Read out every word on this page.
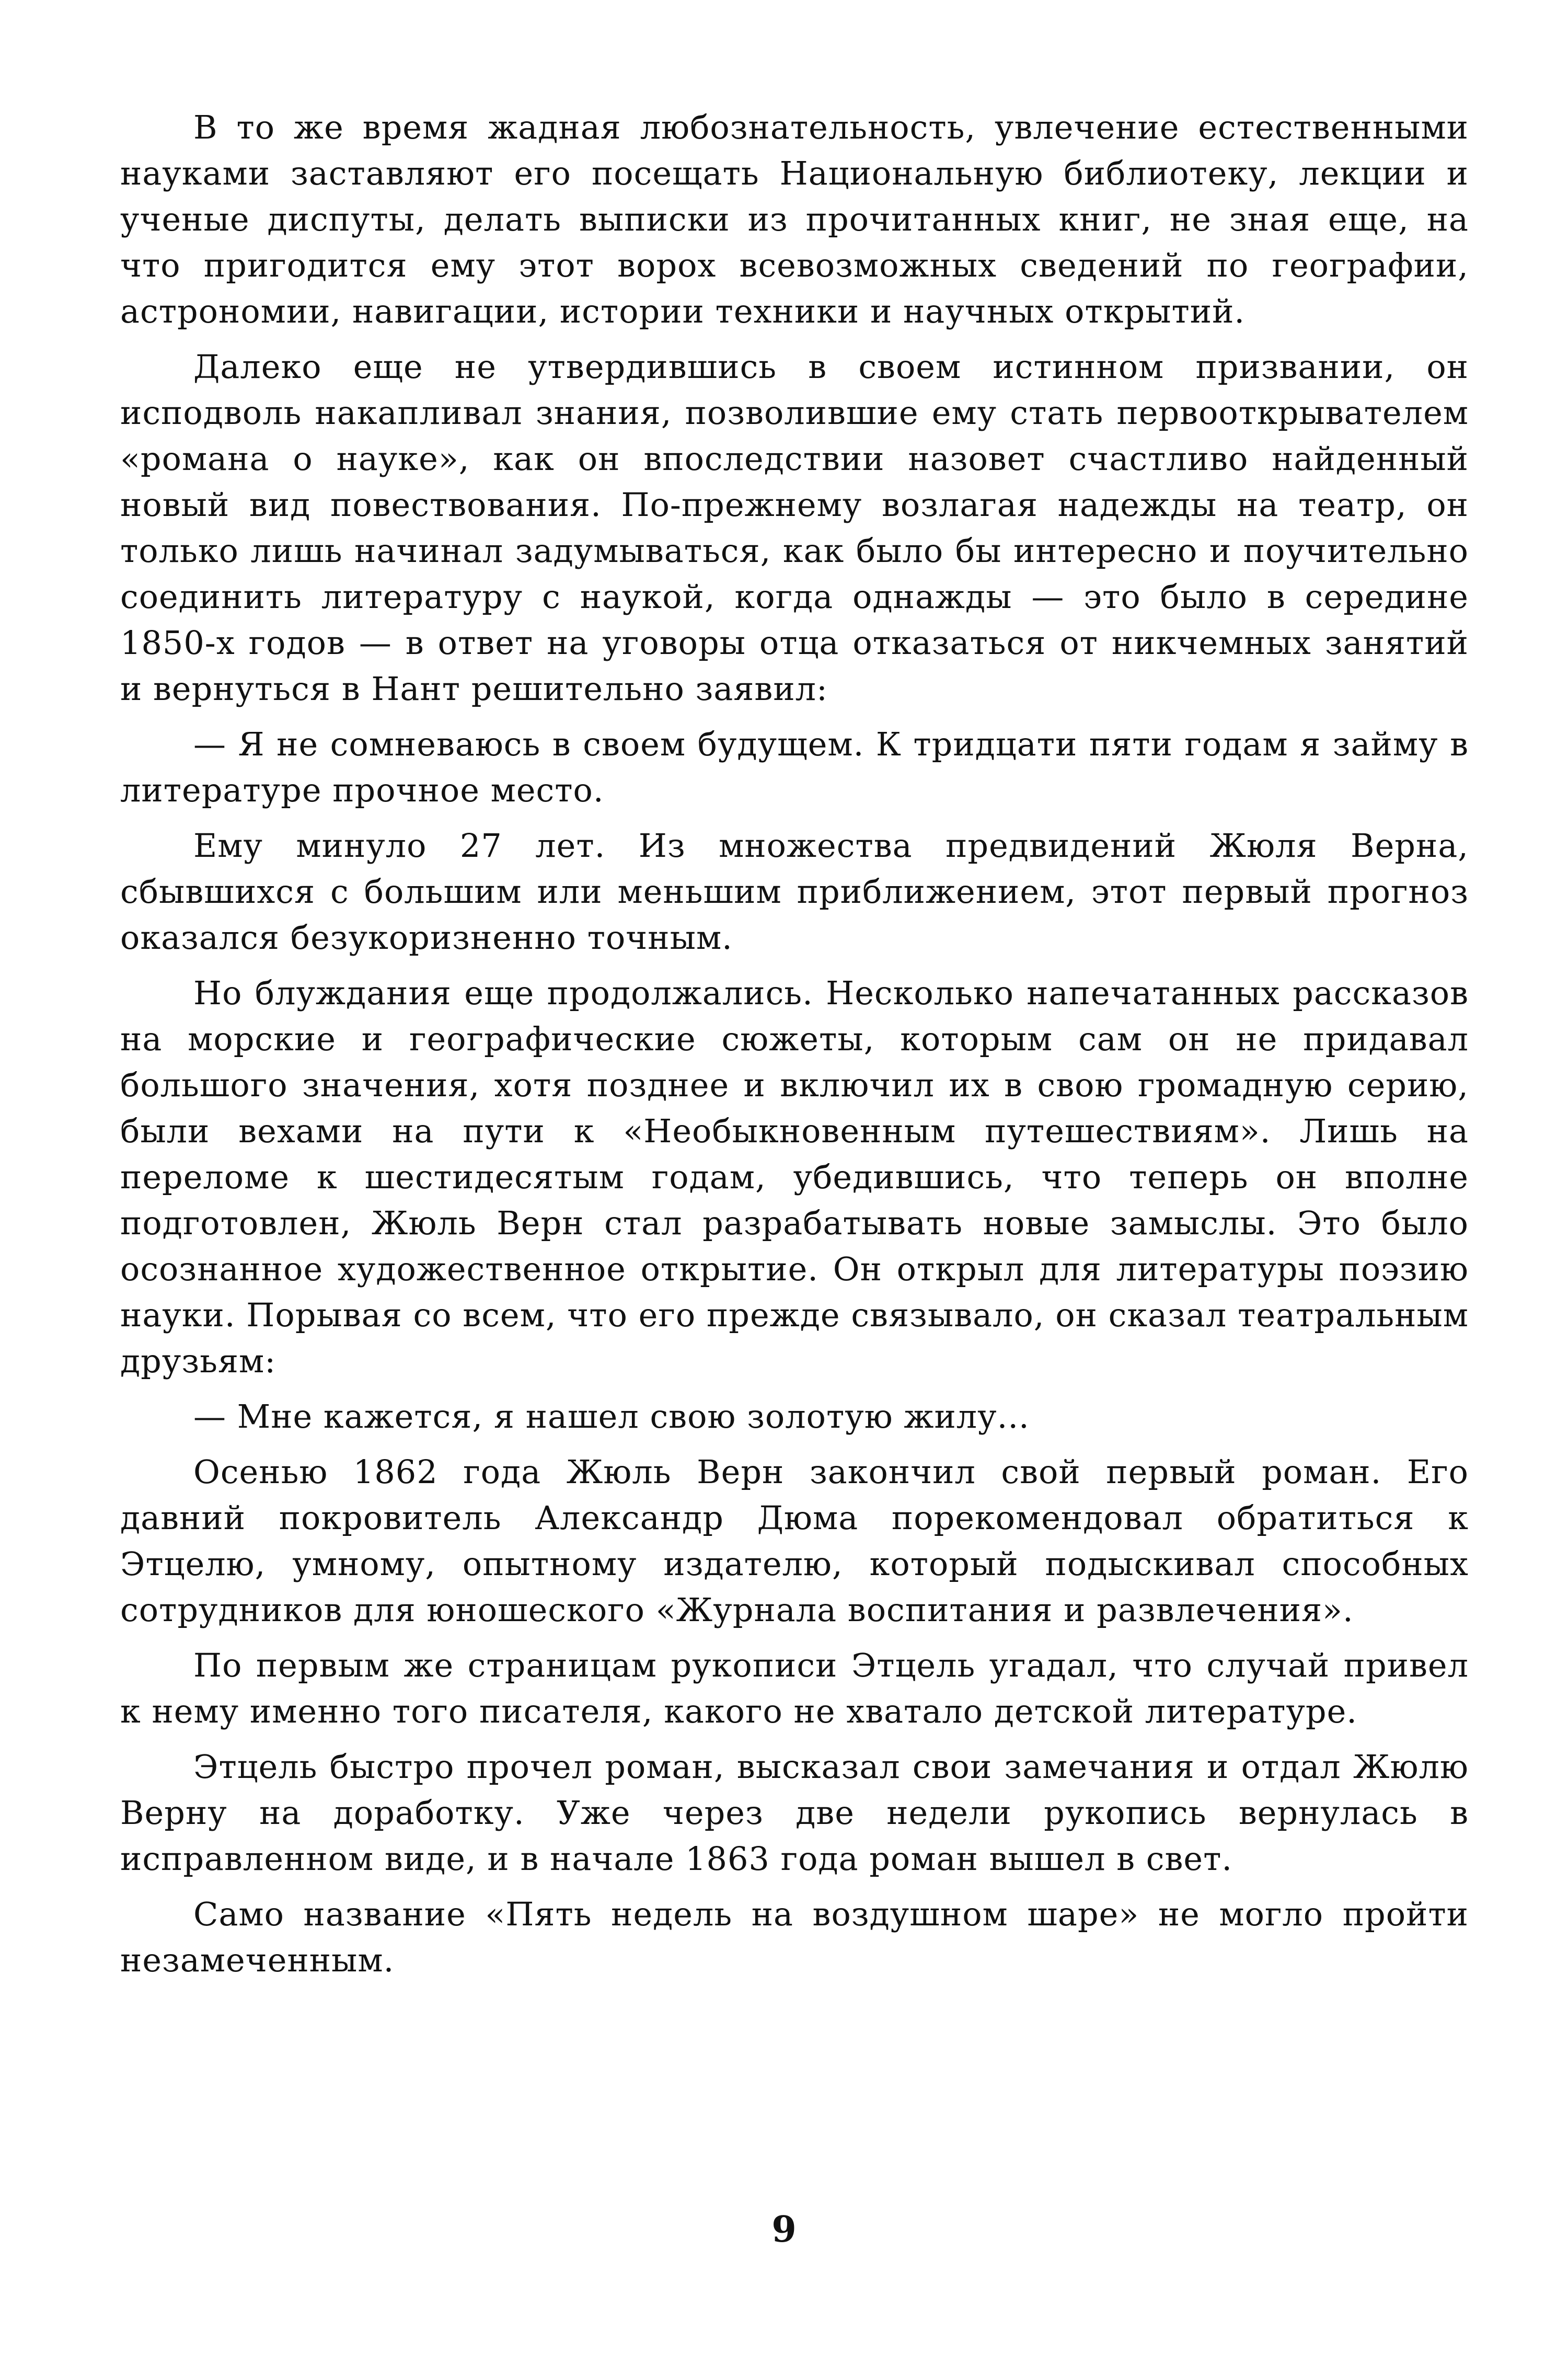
В то же время жадная любознательность, увлечение естественными науками заставляют его посещать Национальную библиотеку, лекции и ученые диспуты, делать выписки из прочитанных книг, не зная еще, на что пригодится ему этот ворох всевозможных сведений по географии, астрономии, навигации, истории техники и научных открытий.

Далеко еще не утвердившись в своем истинном призвании, он исподволь накапливал знания, позволившие ему стать первооткрывателем «романа о науке», как он впоследствии назовет счастливо найденный новый вид повествования. По-прежнему возлагая надежды на театр, он только лишь начинал задумываться, как было бы интересно и поучительно соединить литературу с наукой, когда однажды — это было в середине 1850-х годов — в ответ на уговоры отца отказаться от никчемных занятий и вернуться в Нант решительно заявил:

— Я не сомневаюсь в своем будущем. К тридцати пяти годам я займу в литературе прочное место.

Ему минуло 27 лет. Из множества предвидений Жюля Верна, сбывшихся с большим или меньшим приближением, этот первый прогноз оказался безукоризненно точным.

Но блуждания еще продолжались. Несколько напечатанных рассказов на морские и географические сюжеты, которым сам он не придавал большого значения, хотя позднее и включил их в свою громадную серию, были вехами на пути к «Необыкновенным путешествиям». Лишь на переломе к шестидесятым годам, убедившись, что теперь он вполне подготовлен, Жюль Верн стал разрабатывать новые замыслы. Это было осознанное художественное открытие. Он открыл для литературы поэзию науки. Порывая со всем, что его прежде связывало, он сказал театральным друзьям:

— Мне кажется, я нашел свою золотую жилу...

Осенью 1862 года Жюль Верн закончил свой первый роман. Его давний покровитель Александр Дюма порекомендовал обратиться к Этцелю, умному, опытному издателю, который подыскивал способных сотрудников для юношеского «Журнала воспитания и развлечения».

По первым же страницам рукописи Этцель угадал, что случай привел к нему именно того писателя, какого не хватало детской литературе.

Этцель быстро прочел роман, высказал свои замечания и отдал Жюлю Верну на доработку. Уже через две недели рукопись вернулась в исправленном виде, и в начале 1863 года роман вышел в свет.

Само название «Пять недель на воздушном шаре» не могло пройти незамеченным.

9
